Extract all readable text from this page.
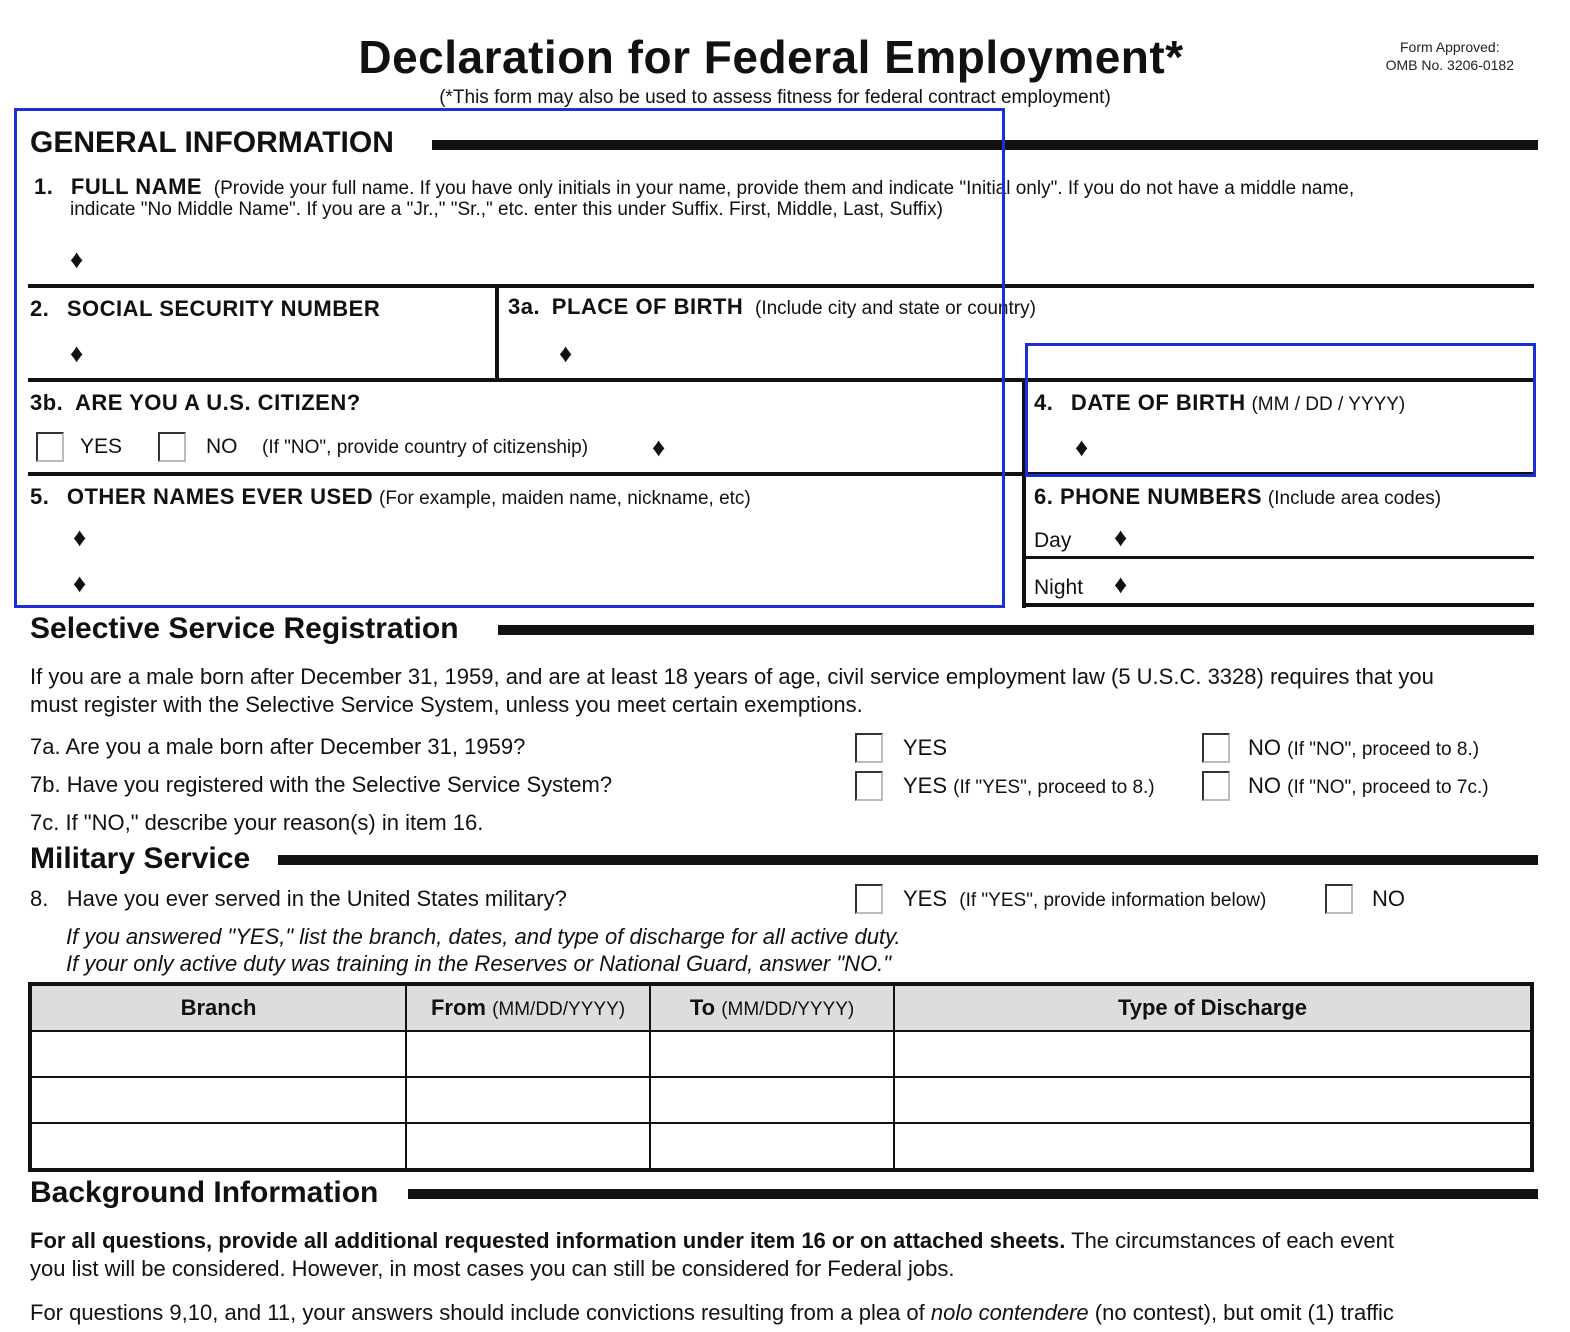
Declaration for Federal Employment*
(*This form may also be used to assess fitness for federal contract employment)
Form Approved:
OMB No. 3206-0182
GENERAL INFORMATION
1. FULL NAME (Provide your full name. If you have only initials in your name, provide them and indicate "Initial only". If you do not have a middle name,
indicate "No Middle Name". If you are a "Jr.," "Sr.," etc. enter this under Suffix. First, Middle, Last, Suffix)
♦
2. SOCIAL SECURITY NUMBER
♦
3a. PLACE OF BIRTH (Include city and state or country)
♦
3b. ARE YOU A U.S. CITIZEN?
YES	NO (If "NO", provide country of citizenship) ♦
4. DATE OF BIRTH (MM / DD / YYYY)
♦
5. OTHER NAMES EVER USED (For example, maiden name, nickname, etc)
♦
♦
6. PHONE NUMBERS (Include area codes)
Day ♦
Night ♦
Selective Service Registration
If you are a male born after December 31, 1959, and are at least 18 years of age, civil service employment law (5 U.S.C. 3328) requires that you
must register with the Selective Service System, unless you meet certain exemptions.
7a. Are you a male born after December 31, 1959?	YES	NO (If "NO", proceed to 8.)
7b. Have you registered with the Selective Service System?	YES (If "YES", proceed to 8.)	NO (If "NO", proceed to 7c.)
7c. If "NO," describe your reason(s) in item 16.
Military Service
8. Have you ever served in the United States military?	YES (If "YES", provide information below)	NO
If you answered "YES," list the branch, dates, and type of discharge for all active duty.
If your only active duty was training in the Reserves or National Guard, answer "NO."
Branch	From (MM/DD/YYYY)	To (MM/DD/YYYY)	Type of Discharge

Background Information
For all questions, provide all additional requested information under item 16 or on attached sheets. The circumstances of each event
you list will be considered. However, in most cases you can still be considered for Federal jobs.
For questions 9,10, and 11, your answers should include convictions resulting from a plea of nolo contendere (no contest), but omit (1) traffic
